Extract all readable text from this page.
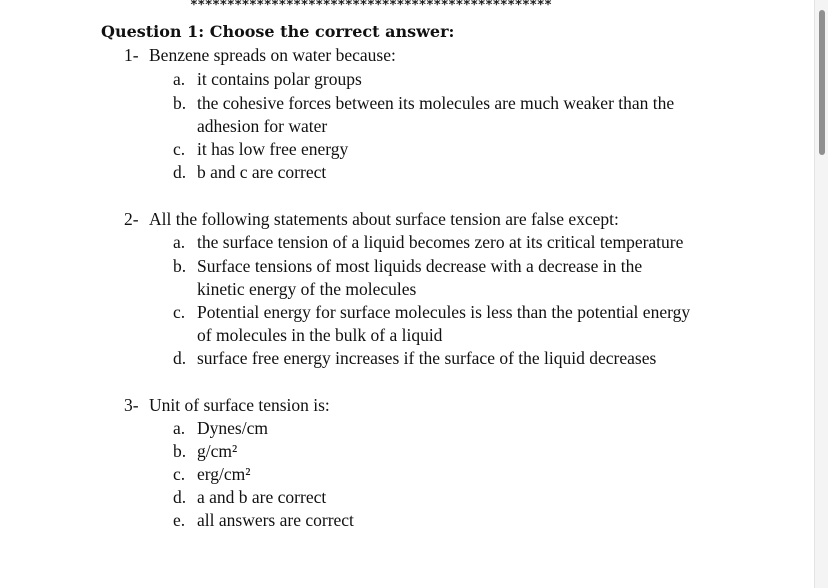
*************************************************
Question 1: Choose the correct answer:
1- Benzene spreads on water because:
a. it contains polar groups
b. the cohesive forces between its molecules are much weaker than the
adhesion for water
c. it has low free energy
d. b and c are correct
2- All the following statements about surface tension are false except:
a. the surface tension of a liquid becomes zero at its critical temperature
b. Surface tensions of most liquids decrease with a decrease in the
kinetic energy of the molecules
c. Potential energy for surface molecules is less than the potential energy
of molecules in the bulk of a liquid
d. surface free energy increases if the surface of the liquid decreases
3- Unit of surface tension is:
a. Dynes/cm
b. g/cm²
c. erg/cm²
d. a and b are correct
e. all answers are correct
